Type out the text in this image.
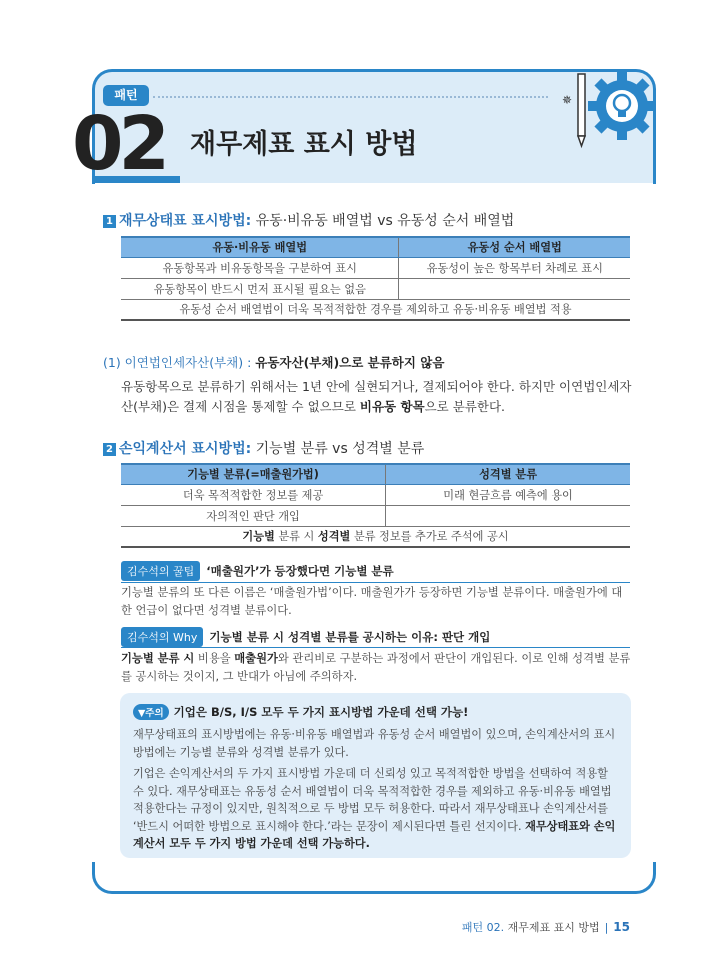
패턴
02 재무제표 표시 방법
✵
1 재무상태표 표시방법: 유동·비유동 배열법 vs 유동성 순서 배열법
유동·비유동 배열법	유동성 순서 배열법
유동항목과 비유동항목을 구분하여 표시	유동성이 높은 항목부터 차례로 표시
유동항목이 반드시 먼저 표시될 필요는 없음	
유동성 순서 배열법이 더욱 목적적합한 경우를 제외하고 유동·비유동 배열법 적용	
(1) 이연법인세자산(부채) : 유동자산(부채)으로 분류하지 않음
유동항목으로 분류하기 위해서는 1년 안에 실현되거나, 결제되어야 한다. 하지만 이연법인세자산(부채)은 결제 시점을 통제할 수 없으므로 비유동 항목으로 분류한다.
2 손익계산서 표시방법: 기능별 분류 vs 성격별 분류
기능별 분류(=매출원가법)	성격별 분류
더욱 목적적합한 정보를 제공	미래 현금흐름 예측에 용이
자의적인 판단 개입	
기능별 분류 시 성격별 분류 정보를 추가로 주석에 공시	
김수석의 꿀팁 ‘매출원가’가 등장했다면 기능별 분류
기능별 분류의 또 다른 이름은 ‘매출원가법’이다. 매출원가가 등장하면 기능별 분류이다. 매출원가에 대한 언급이 없다면 성격별 분류이다.
김수석의 Why 기능별 분류 시 성격별 분류를 공시하는 이유: 판단 개입
기능별 분류 시 비용을 매출원가와 관리비로 구분하는 과정에서 판단이 개입된다. 이로 인해 성격별 분류를 공시하는 것이지, 그 반대가 아님에 주의하자.
▼주의 기업은 B/S, I/S 모두 두 가지 표시방법 가운데 선택 가능!
재무상태표의 표시방법에는 유동·비유동 배열법과 유동성 순서 배열법이 있으며, 손익계산서의 표시방법에는 기능별 분류와 성격별 분류가 있다.
기업은 손익계산서의 두 가지 표시방법 가운데 더 신뢰성 있고 목적적합한 방법을 선택하여 적용할 수 있다. 재무상태표는 유동성 순서 배열법이 더욱 목적적합한 경우를 제외하고 유동·비유동 배열법 적용한다는 규정이 있지만, 원칙적으로 두 방법 모두 허용한다. 따라서 재무상태표나 손익계산서를 ‘반드시 어떠한 방법으로 표시해야 한다.’라는 문장이 제시된다면 틀린 선지이다. 재무상태표와 손익계산서 모두 두 가지 방법 가운데 선택 가능하다.
패턴 02. 재무제표 표시 방법 | 15
